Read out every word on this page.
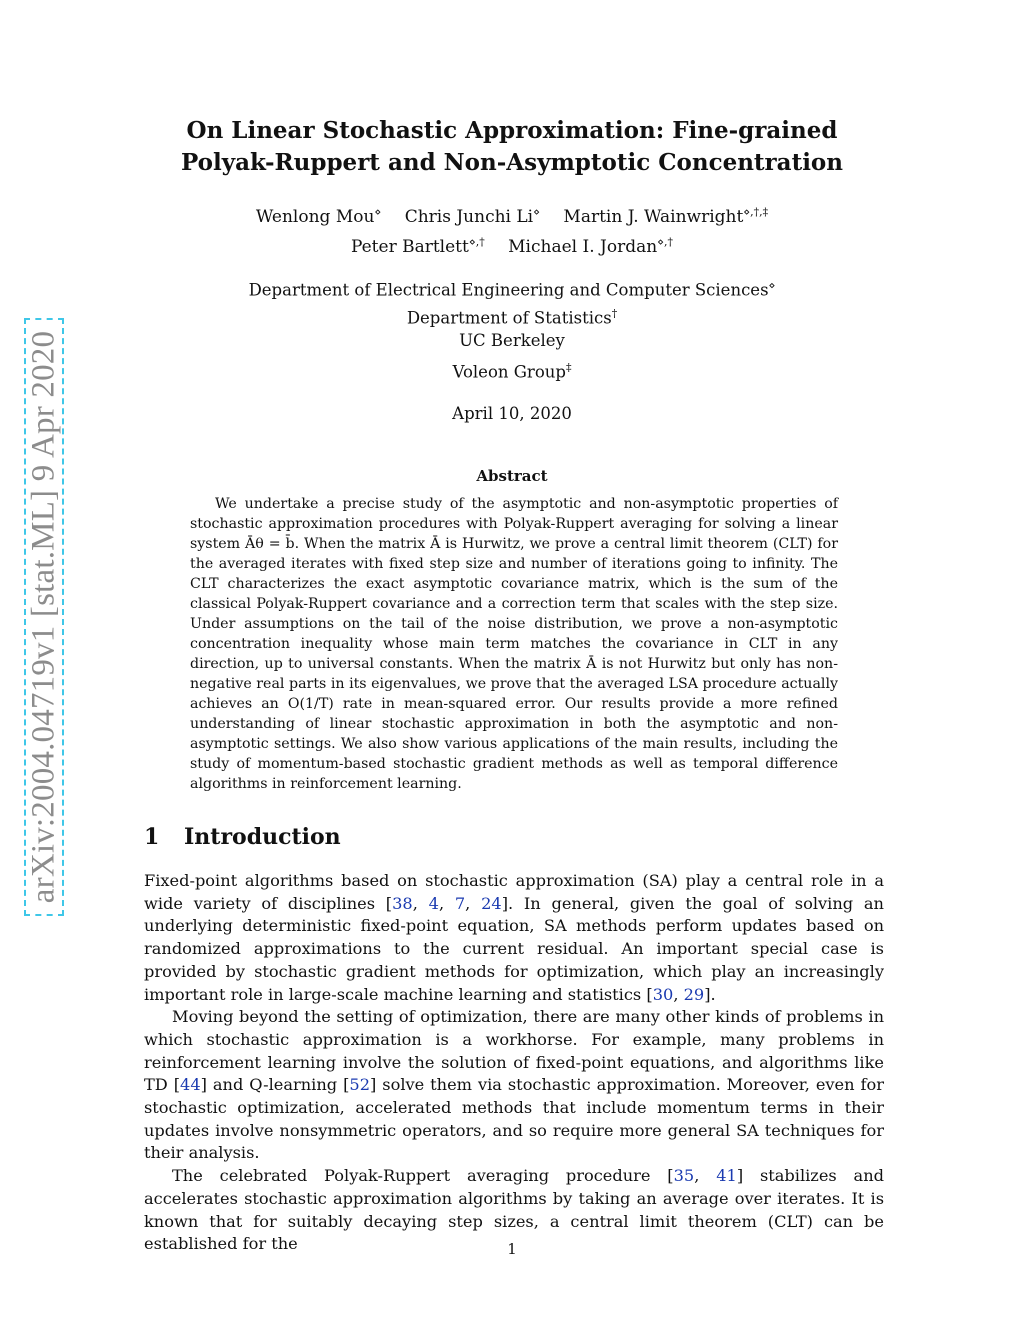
arXiv:2004.04719v1 [stat.ML] 9 Apr 2020
On Linear Stochastic Approximation: Fine-grained
Polyak-Ruppert and Non-Asymptotic Concentration
Wenlong Mou⋄ Chris Junchi Li⋄ Martin J. Wainwright⋄,†,‡
Peter Bartlett⋄,† Michael I. Jordan⋄,†
Department of Electrical Engineering and Computer Sciences⋄
Department of Statistics†
UC Berkeley
Voleon Group‡
April 10, 2020
Abstract

We undertake a precise study of the asymptotic and non-asymptotic properties of stochastic approximation procedures with Polyak-Ruppert averaging for solving a linear system Āθ = b̄. When the matrix Ā is Hurwitz, we prove a central limit theorem (CLT) for the averaged iterates with fixed step size and number of iterations going to infinity. The CLT characterizes the exact asymptotic covariance matrix, which is the sum of the classical Polyak-Ruppert covariance and a correction term that scales with the step size. Under assumptions on the tail of the noise distribution, we prove a non-asymptotic concentration inequality whose main term matches the covariance in CLT in any direction, up to universal constants. When the matrix Ā is not Hurwitz but only has non-negative real parts in its eigenvalues, we prove that the averaged LSA procedure actually achieves an O(1/T) rate in mean-squared error. Our results provide a more refined understanding of linear stochastic approximation in both the asymptotic and non-asymptotic settings. We also show various applications of the main results, including the study of momentum-based stochastic gradient methods as well as temporal difference algorithms in reinforcement learning.

1 Introduction

Fixed-point algorithms based on stochastic approximation (SA) play a central role in a wide variety of disciplines [38, 4, 7, 24]. In general, given the goal of solving an underlying deterministic fixed-point equation, SA methods perform updates based on randomized approximations to the current residual. An important special case is provided by stochastic gradient methods for optimization, which play an increasingly important role in large-scale machine learning and statistics [30, 29].

Moving beyond the setting of optimization, there are many other kinds of problems in which stochastic approximation is a workhorse. For example, many problems in reinforcement learning involve the solution of fixed-point equations, and algorithms like TD [44] and Q-learning [52] solve them via stochastic approximation. Moreover, even for stochastic optimization, accelerated methods that include momentum terms in their updates involve nonsymmetric operators, and so require more general SA techniques for their analysis.

The celebrated Polyak-Ruppert averaging procedure [35, 41] stabilizes and accelerates stochastic approximation algorithms by taking an average over iterates. It is known that for suitably decaying step sizes, a central limit theorem (CLT) can be established for the	1
